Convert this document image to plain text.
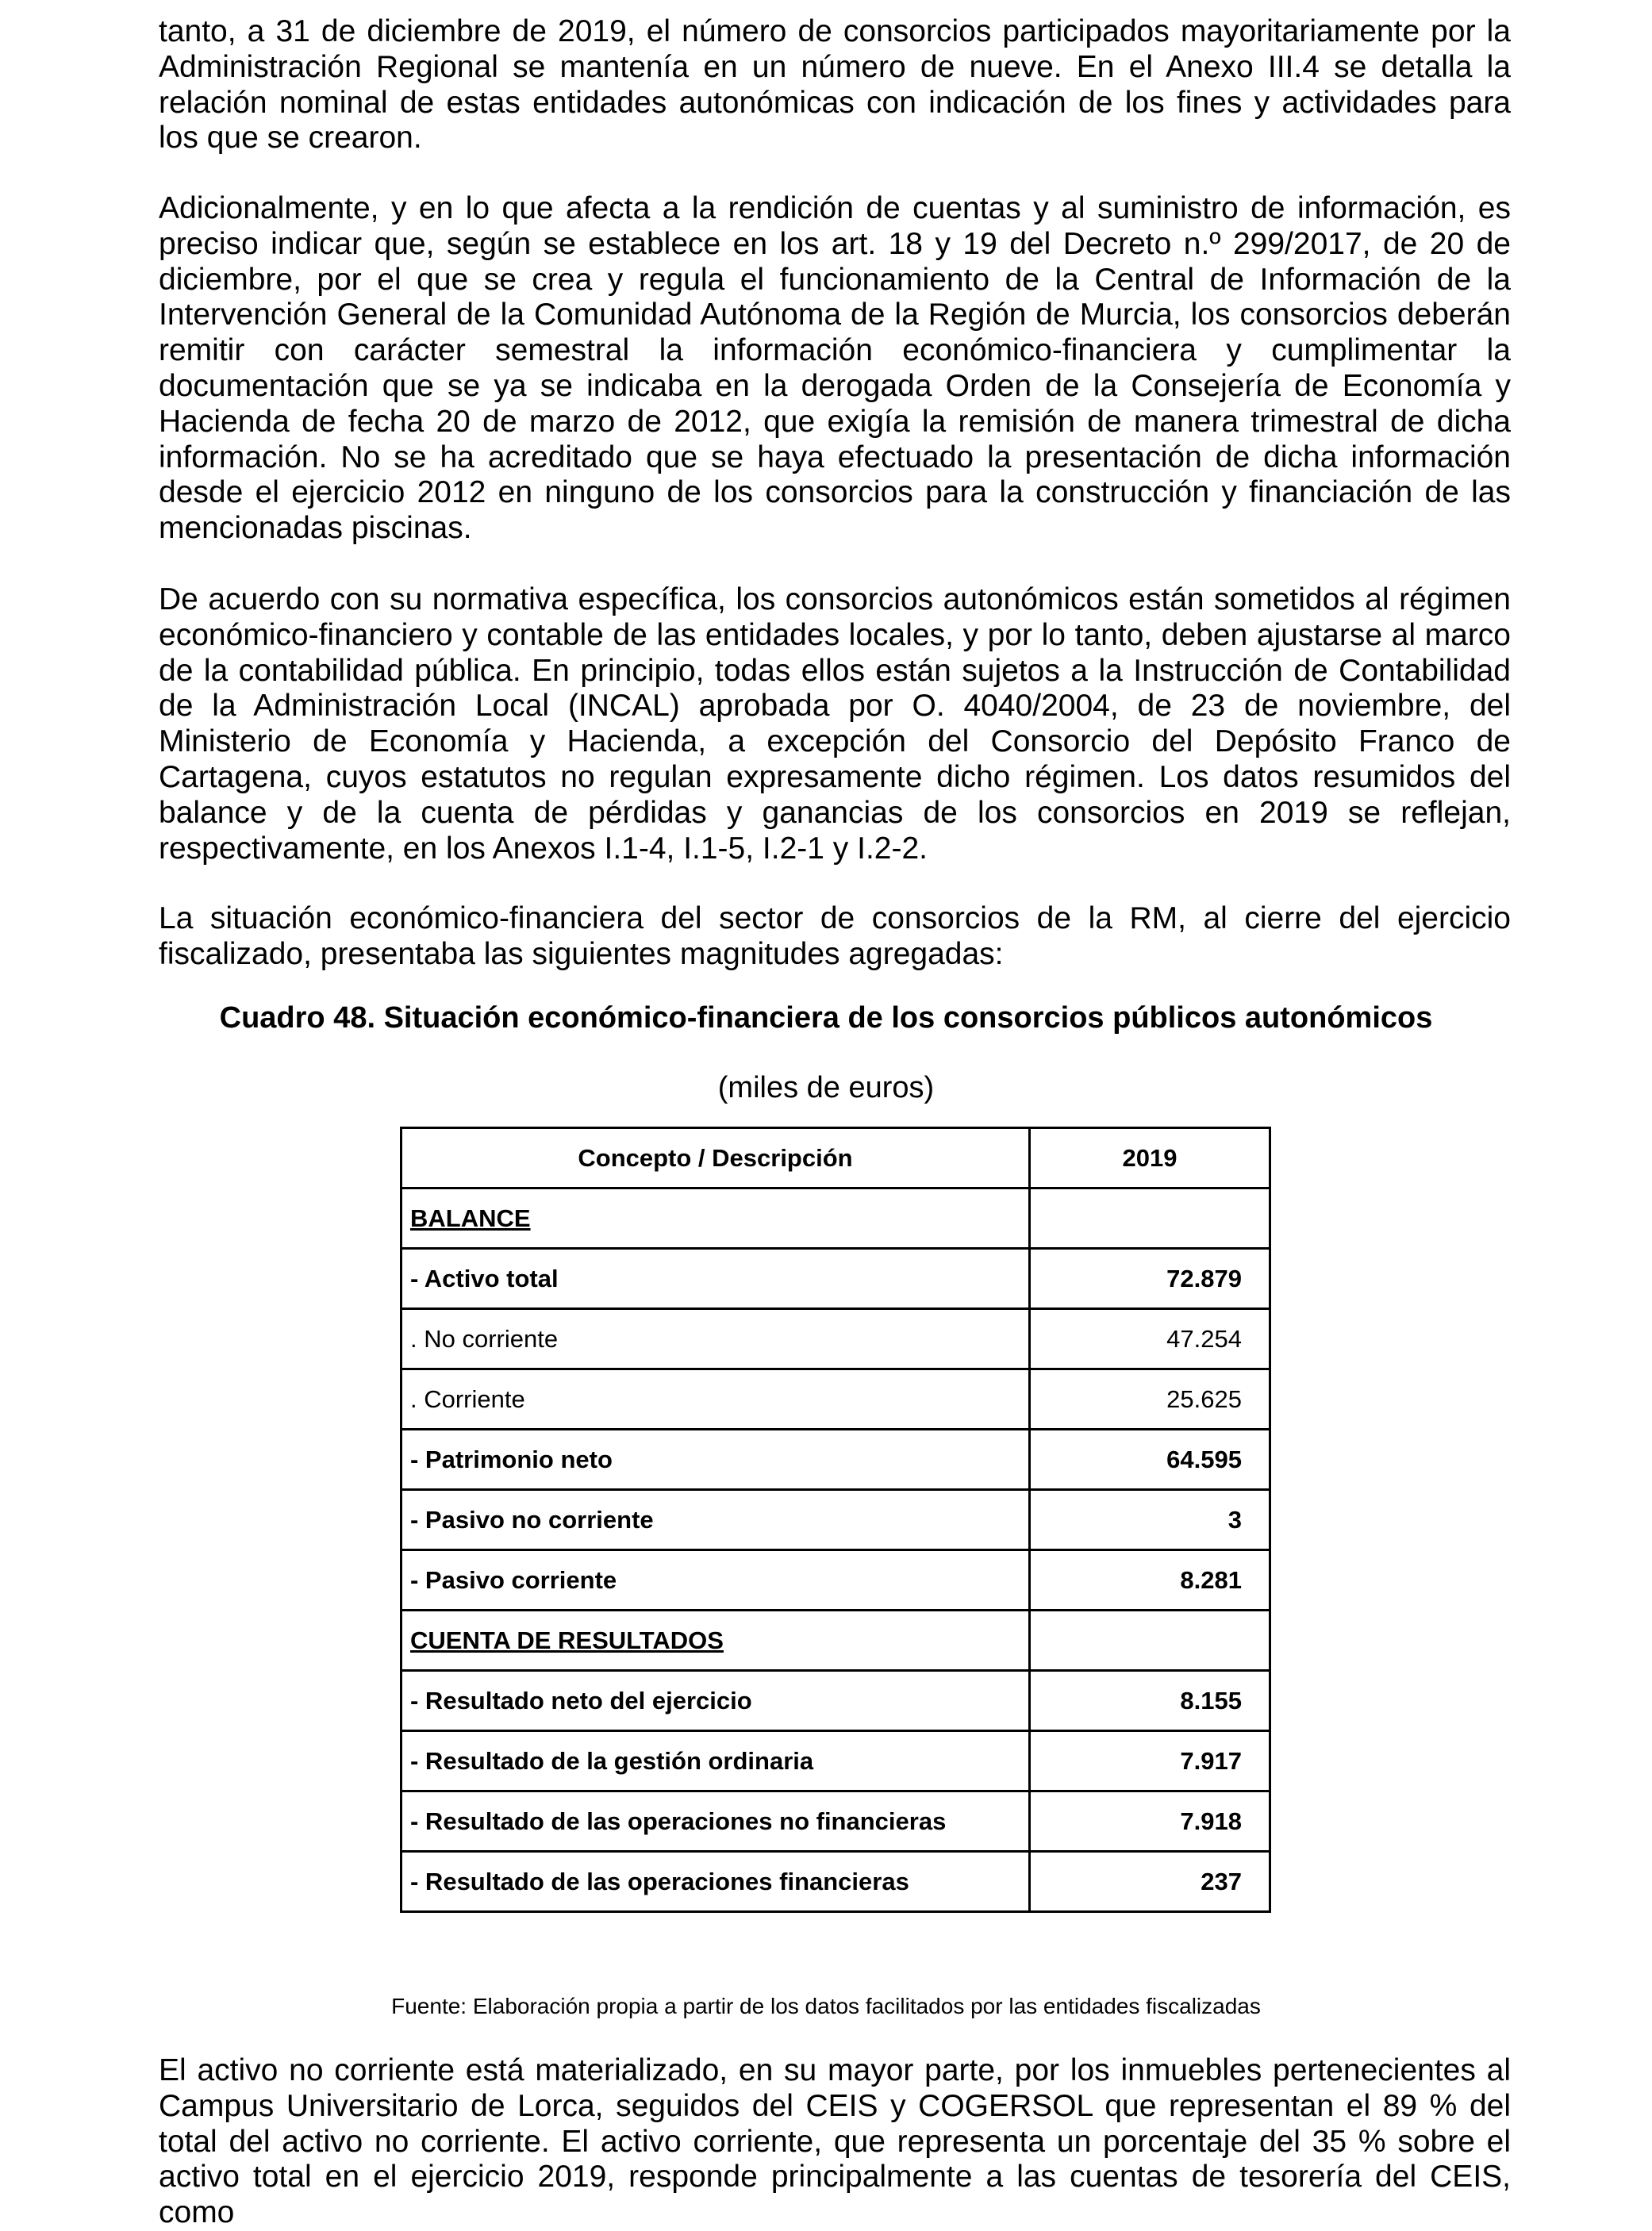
tanto, a 31 de diciembre de 2019, el número de consorcios participados mayoritariamente por la Administración Regional se mantenía en un número de nueve. En el Anexo III.4 se detalla la relación nominal de estas entidades autonómicas con indicación de los fines y actividades para los que se crearon.

Adicionalmente, y en lo que afecta a la rendición de cuentas y al suministro de información, es preciso indicar que, según se establece en los art. 18 y 19 del Decreto n.º 299/2017, de 20 de diciembre, por el que se crea y regula el funcionamiento de la Central de Información de la Intervención General de la Comunidad Autónoma de la Región de Murcia, los consorcios deberán remitir con carácter semestral la información económico-financiera y cumplimentar la documentación que se ya se indicaba en la derogada Orden de la Consejería de Economía y Hacienda de fecha 20 de marzo de 2012, que exigía la remisión de manera trimestral de dicha información. No se ha acreditado que se haya efectuado la presentación de dicha información desde el ejercicio 2012 en ninguno de los consorcios para la construcción y financiación de las mencionadas piscinas.

De acuerdo con su normativa específica, los consorcios autonómicos están sometidos al régimen económico-financiero y contable de las entidades locales, y por lo tanto, deben ajustarse al marco de la contabilidad pública. En principio, todas ellos están sujetos a la Instrucción de Contabilidad de la Administración Local (INCAL) aprobada por O. 4040/2004, de 23 de noviembre, del Ministerio de Economía y Hacienda, a excepción del Consorcio del Depósito Franco de Cartagena, cuyos estatutos no regulan expresamente dicho régimen. Los datos resumidos del balance y de la cuenta de pérdidas y ganancias de los consorcios en 2019 se reflejan, respectivamente, en los Anexos I.1-4, I.1-5, I.2-1 y I.2-2.

La situación económico-financiera del sector de consorcios de la RM, al cierre del ejercicio fiscalizado, presentaba las siguientes magnitudes agregadas:

Cuadro 48. Situación económico-financiera de los consorcios públicos autonómicos

(miles de euros)

Concepto / Descripción	2019
BALANCE	
- Activo total	72.879
. No corriente	47.254
. Corriente	25.625
- Patrimonio neto	64.595
- Pasivo no corriente	3
- Pasivo corriente	8.281
CUENTA DE RESULTADOS	
- Resultado neto del ejercicio	8.155
- Resultado de la gestión ordinaria	7.917
- Resultado de las operaciones no financieras	7.918
- Resultado de las operaciones financieras	237

Fuente: Elaboración propia a partir de los datos facilitados por las entidades fiscalizadas

El activo no corriente está materializado, en su mayor parte, por los inmuebles pertenecientes al Campus Universitario de Lorca, seguidos del CEIS y COGERSOL que representan el 89 % del total del activo no corriente. El activo corriente, que representa un porcentaje del 35 % sobre el activo total en el ejercicio 2019, responde principalmente a las cuentas de tesorería del CEIS, como
